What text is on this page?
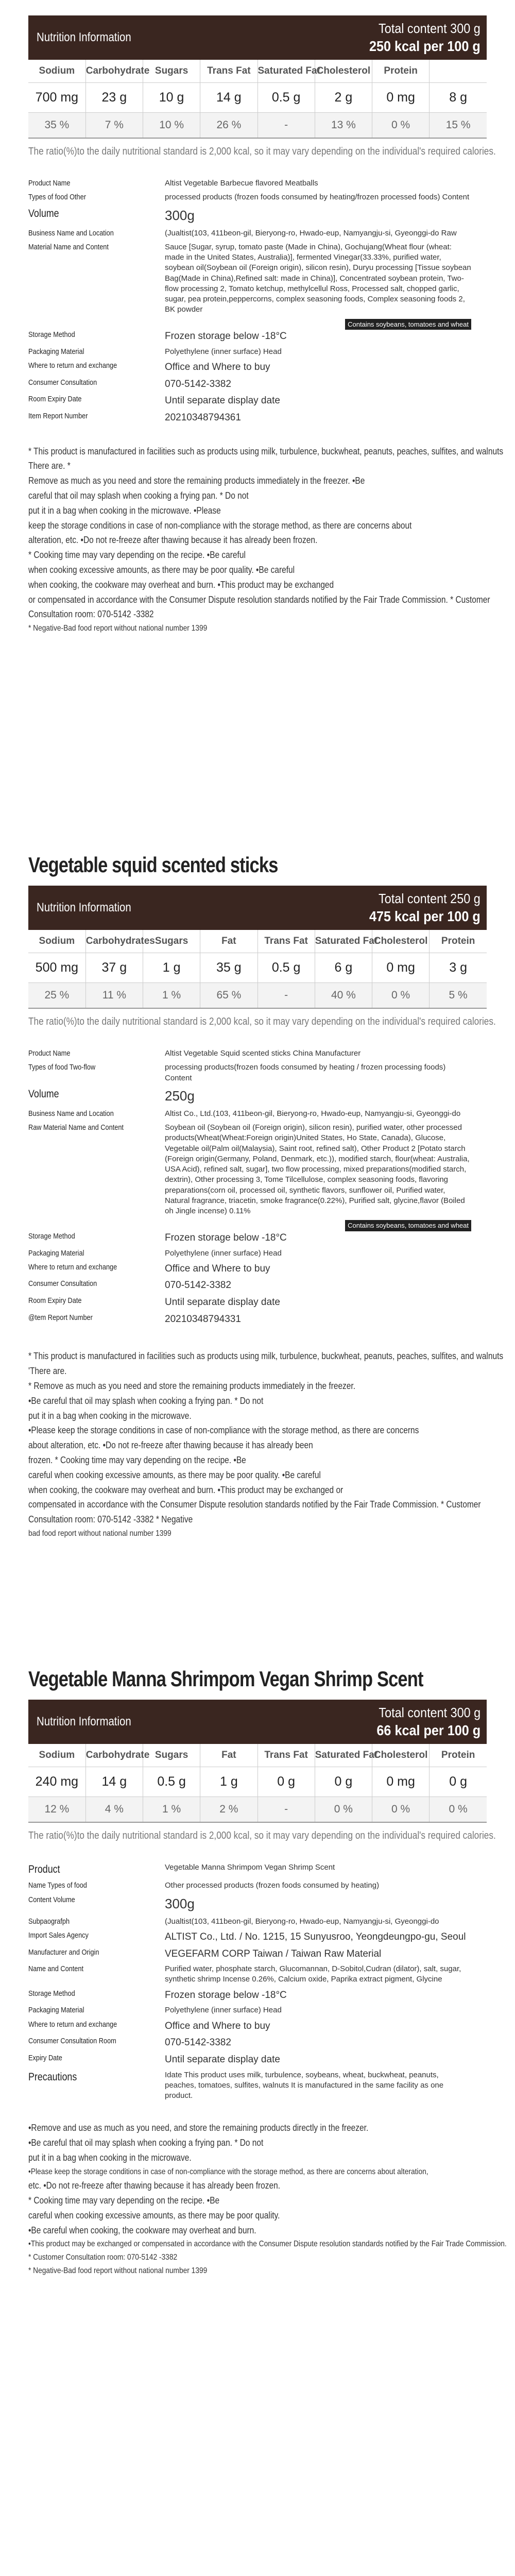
Nutrition Information
Total content 300 g
250 kcal per 100 g
Sodium	Carbohydrate	Sugars	Trans Fat	Saturated Fat	Cholesterol	Protein	
700 mg	23 g	10 g	14 g	0.5 g	2 g	0 mg	8 g
35 %	7 %	10 %	26 %	-	13 %	0 %	15 %

The ratio(%)to the daily nutritional standard is 2,000 kcal, so it may vary depending on the individual's required calories.

Product Name	Altist Vegetable Barbecue flavored Meatballs
Types of food Other	processed products (frozen foods consumed by heating/frozen processed foods) Content
Volume	300g
Business Name and Location	(Jualtist(103, 411beon-gil, Bieryong-ro, Hwado-eup, Namyangju-si, Gyeonggi-do Raw
Material Name and Content	Sauce [Sugar, syrup, tomato paste (Made in China), Gochujang(Wheat flour (wheat: made in the United States, Australia)], fermented Vinegar(33.33%, purified water, soybean oil(Soybean oil (Foreign origin), silicon resin), Duryu processing [Tissue soybean Bag(Made in China),Refined salt: made in China)], Concentrated soybean protein, Two-flow processing 2, Tomato ketchup, methylcellul Ross, Processed salt, chopped garlic, sugar, pea protein,peppercorns, complex seasoning foods, Complex seasoning foods 2, BK powder
Contains soybeans, tomatoes and wheat
Storage Method	Frozen storage below -18°C
Packaging Material	Polyethylene (inner surface) Head
Where to return and exchange	Office and Where to buy
Consumer Consultation	070-5142-3382
Room Expiry Date	Until separate display date
Item Report Number	20210348794361

* This product is manufactured in facilities such as products using milk, turbulence, buckwheat, peanuts, peaches, sulfites, and walnuts

There are. *

Remove as much as you need and store the remaining products immediately in the freezer. •Be

careful that oil may splash when cooking a frying pan. * Do not

put it in a bag when cooking in the microwave. •Please

keep the storage conditions in case of non-compliance with the storage method, as there are concerns about

alteration, etc. •Do not re-freeze after thawing because it has already been frozen.

* Cooking time may vary depending on the recipe. •Be careful

when cooking excessive amounts, as there may be poor quality. •Be careful

when cooking, the cookware may overheat and burn. •This product may be exchanged

or compensated in accordance with the Consumer Dispute resolution standards notified by the Fair Trade Commission. * Customer

Consultation room: 070-5142 -3382

* Negative-Bad food report without national number 1399

Vegetable squid scented sticks
Nutrition Information
Total content 250 g
475 kcal per 100 g
Sodium	Carbohydrates	Sugars	Fat	Trans Fat	Saturated Fat	Cholesterol	Protein
500 mg	37 g	1 g	35 g	0.5 g	6 g	0 mg	3 g
25 %	11 %	1 %	65 %	-	40 %	0 %	5 %

The ratio(%)to the daily nutritional standard is 2,000 kcal, so it may vary depending on the individual's required calories.

Product Name	Altist Vegetable Squid scented sticks China Manufacturer
Types of food Two-flow	processing products(frozen foods consumed by heating / frozen processing foods) Content
Volume	250g
Business Name and Location	Altist Co., Ltd.(103, 411beon-gil, Bieryong-ro, Hwado-eup, Namyangju-si, Gyeonggi-do
Raw Material Name and Content	Soybean oil (Soybean oil (Foreign origin), silicon resin), purified water, other processed products(Wheat(Wheat:Foreign origin)United States, Ho State, Canada), Glucose, Vegetable oil(Palm oil(Malaysia), Saint root, refined salt), Other Product 2 [Potato starch (Foreign origin(Germany, Poland, Denmark, etc.)), modified starch, flour(wheat: Australia, USA Acid), refined salt, sugar], two flow processing, mixed preparations(modified starch, dextrin), Other processing 3, Tome Tilcellulose, complex seasoning foods, flavoring preparations(corn oil, processed oil, synthetic flavors, sunflower oil, Purified water, Natural fragrance, triacetin, smoke fragrance(0.22%), Purified salt, glycine,flavor (Boiled oh Jingle incense) 0.11%
Contains soybeans, tomatoes and wheat
Storage Method	Frozen storage below -18°C
Packaging Material	Polyethylene (inner surface) Head
Where to return and exchange	Office and Where to buy
Consumer Consultation	070-5142-3382
Room Expiry Date	Until separate display date
@tem Report Number	20210348794331

* This product is manufactured in facilities such as products using milk, turbulence, buckwheat, peanuts, peaches, sulfites, and walnuts

'There are.

* Remove as much as you need and store the remaining products immediately in the freezer.

•Be careful that oil may splash when cooking a frying pan. * Do not

put it in a bag when cooking in the microwave.

•Please keep the storage conditions in case of non-compliance with the storage method, as there are concerns

about alteration, etc. •Do not re-freeze after thawing because it has already been

frozen. * Cooking time may vary depending on the recipe. •Be

careful when cooking excessive amounts, as there may be poor quality. •Be careful

when cooking, the cookware may overheat and burn. •This product may be exchanged or

compensated in accordance with the Consumer Dispute resolution standards notified by the Fair Trade Commission. * Customer

Consultation room: 070-5142 -3382 * Negative

bad food report without national number 1399

Vegetable Manna Shrimpom Vegan Shrimp Scent
Nutrition Information
Total content 300 g
66 kcal per 100 g
Sodium	Carbohydrate	Sugars	Fat	Trans Fat	Saturated Fat	Cholesterol	Protein
240 mg	14 g	0.5 g	1 g	0 g	0 g	0 mg	0 g
12 %	4 %	1 %	2 %	-	0 %	0 %	0 %

The ratio(%)to the daily nutritional standard is 2,000 kcal, so it may vary depending on the individual's required calories.

Product	Vegetable Manna Shrimpom Vegan Shrimp Scent
Name Types of food	Other processed products (frozen foods consumed by heating)
Content Volume	300g
Subpaografph	(Jualtist(103, 411beon-gil, Bieryong-ro, Hwado-eup, Namyangju-si, Gyeonggi-do
Import Sales Agency	ALTIST Co., Ltd. / No. 1215, 15 Sunyusroo, Yeongdeungpo-gu, Seoul
Manufacturer and Origin	VEGEFARM CORP Taiwan / Taiwan Raw Material
Name and Content	Purified water, phosphate starch, Glucomannan, D-Sobitol,Cudran (dilator), salt, sugar, synthetic shrimp Incense 0.26%, Calcium oxide, Paprika extract pigment, Glycine
Storage Method	Frozen storage below -18°C
Packaging Material	Polyethylene (inner surface) Head
Where to return and exchange	Office and Where to buy
Consumer Consultation Room	070-5142-3382
Expiry Date	Until separate display date
Precautions	Idate This product uses milk, turbulence, soybeans, wheat, buckwheat, peanuts, peaches, tomatoes, sulfites, walnuts It is manufactured in the same facility as one product.

•Remove and use as much as you need, and store the remaining products directly in the freezer.

•Be careful that oil may splash when cooking a frying pan. * Do not

put it in a bag when cooking in the microwave.

•Please keep the storage conditions in case of non-compliance with the storage method, as there are concerns about alteration,

etc. •Do not re-freeze after thawing because it has already been frozen.

* Cooking time may vary depending on the recipe. •Be

careful when cooking excessive amounts, as there may be poor quality.

•Be careful when cooking, the cookware may overheat and burn.

•This product may be exchanged or compensated in accordance with the Consumer Dispute resolution standards notified by the Fair Trade Commission.

* Customer Consultation room: 070-5142 -3382

* Negative-Bad food report without national number 1399
